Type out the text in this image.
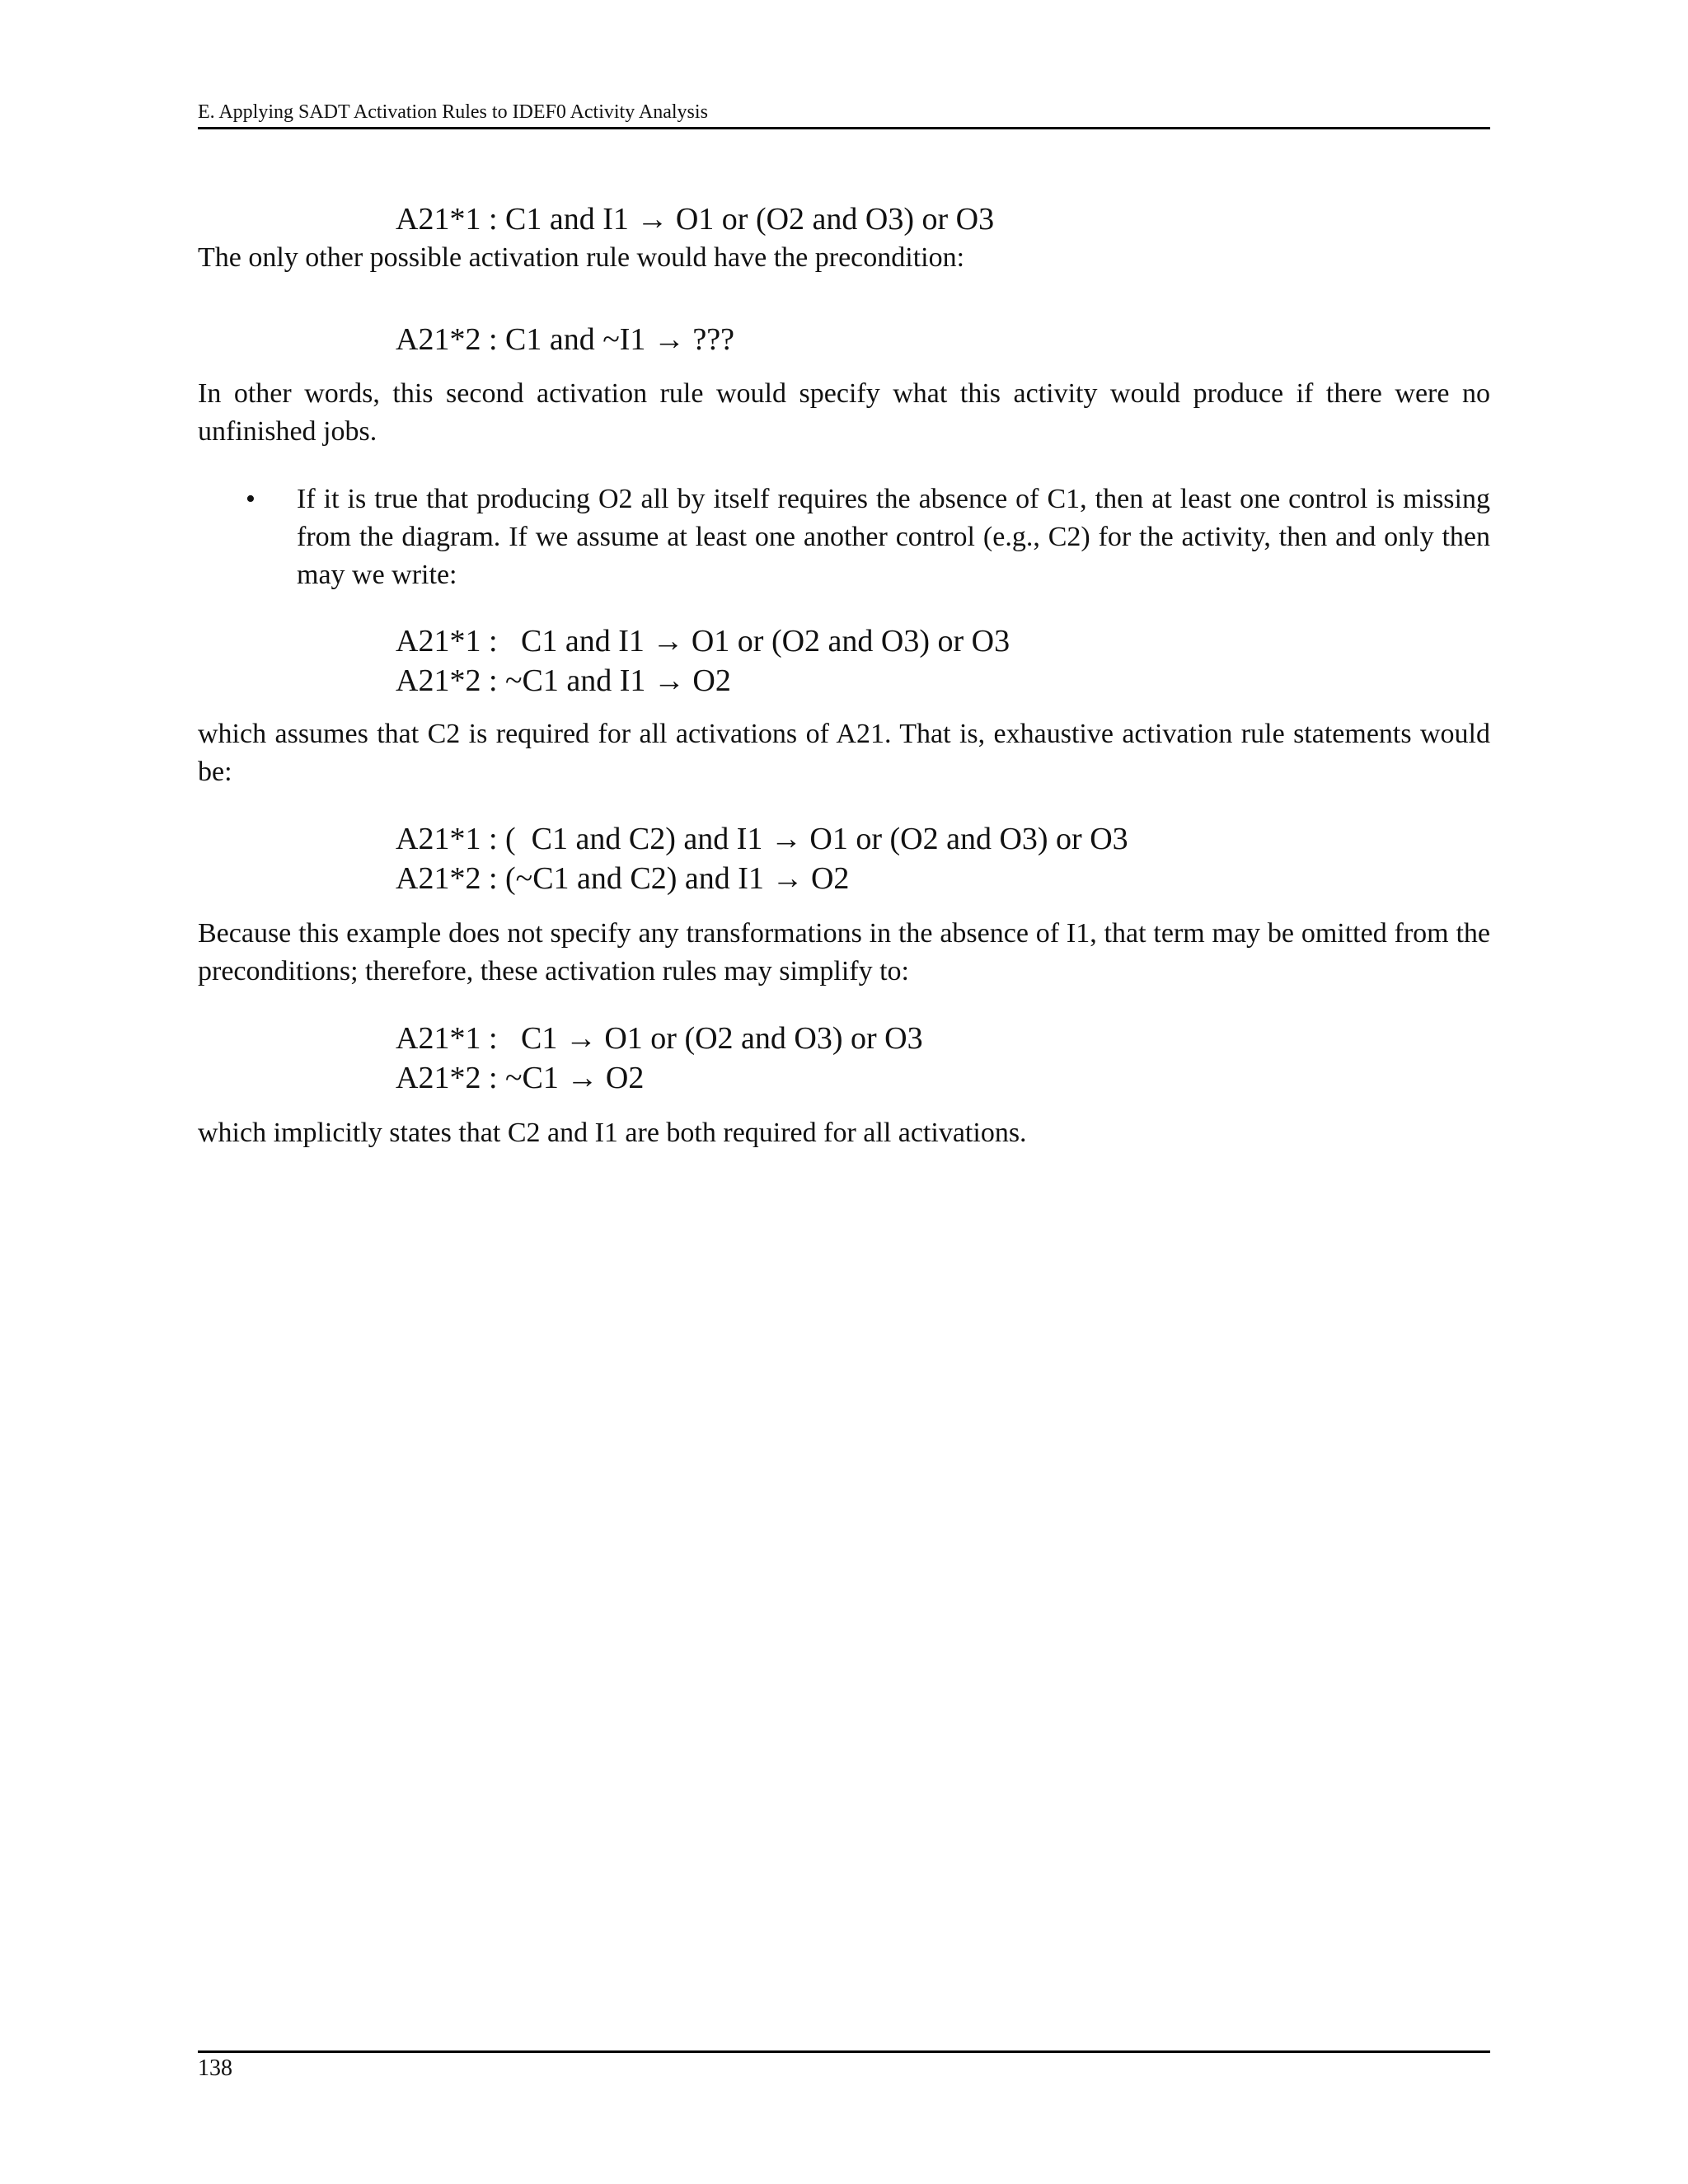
E. Applying SADT Activation Rules to IDEF0 Activity Analysis

A21*1 : C1 and I1 → O1 or (O2 and O3) or O3

The only other possible activation rule would have the precondition:

A21*2 : C1 and ~I1 → ???

In other words, this second activation rule would specify what this activity would produce if there were no unfinished jobs.

• If it is true that producing O2 all by itself requires the absence of C1, then at least one control is missing from the diagram. If we assume at least one another control (e.g., C2) for the activity, then and only then may we write:

A21*1 :   C1 and I1 → O1 or (O2 and O3) or O3

A21*2 : ~C1 and I1 → O2

which assumes that C2 is required for all activations of A21. That is, exhaustive activation rule statements would be:

A21*1 : (  C1 and C2) and I1 → O1 or (O2 and O3) or O3

A21*2 : (~C1 and C2) and I1 → O2

Because this example does not specify any transformations in the absence of I1, that term may be omitted from the preconditions; therefore, these activation rules may simplify to:

A21*1 :   C1 → O1 or (O2 and O3) or O3

A21*2 : ~C1 → O2

which implicitly states that C2 and I1 are both required for all activations.

138
